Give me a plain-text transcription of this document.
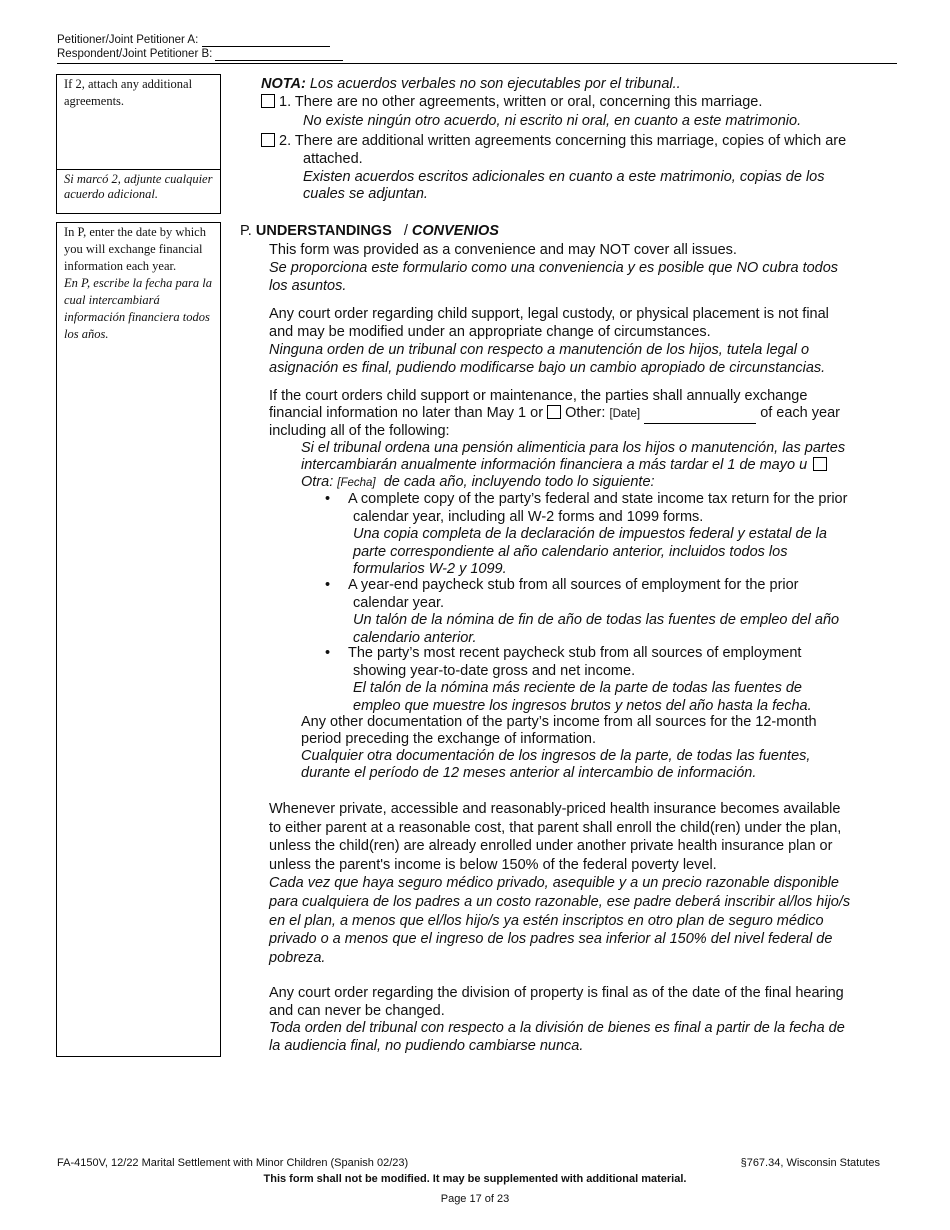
Petitioner/Joint Petitioner A:
Respondent/Joint Petitioner B:
If 2, attach any additional agreements.
Si marcó 2, adjunte cualquier acuerdo adicional.
In P, enter the date by which you will exchange financial information each year.
En P, escribe la fecha para la cual intercambiará información financiera todos los años.
NOTA: Los acuerdos verbales no son ejecutables por el tribunal..
1. There are no other agreements, written or oral, concerning this marriage.
No existe ningún otro acuerdo, ni escrito ni oral, en cuanto a este matrimonio.
2. There are additional written agreements concerning this marriage, copies of which are
attached.
Existen acuerdos escritos adicionales en cuanto a este matrimonio, copias de los
cuales se adjuntan.
P. UNDERSTANDINGS / CONVENIOS
This form was provided as a convenience and may NOT cover all issues.
Se proporciona este formulario como una conveniencia y es posible que NO cubra todos
los asuntos.
Any court order regarding child support, legal custody, or physical placement is not final
and may be modified under an appropriate change of circumstances.
Ninguna orden de un tribunal con respecto a manutención de los hijos, tutela legal o
asignación es final, pudiendo modificarse bajo un cambio apropiado de circunstancias.
If the court orders child support or maintenance, the parties shall annually exchange
financial information no later than May 1 or Other: [Date]	of each year
including all of the following:
Si el tribunal ordena una pensión alimenticia para los hijos o manutención, las partes
intercambiarán anualmente información financiera a más tardar el 1 de mayo u
Otra: [Fecha] de cada año, incluyendo todo lo siguiente:
•	A complete copy of the party’s federal and state income tax return for the prior
calendar year, including all W-2 forms and 1099 forms.
Una copia completa de la declaración de impuestos federal y estatal de la
parte correspondiente al año calendario anterior, incluidos todos los
formularios W-2 y 1099.
•	A year-end paycheck stub from all sources of employment for the prior
calendar year.
Un talón de la nómina de fin de año de todas las fuentes de empleo del año
calendario anterior.
•	The party’s most recent paycheck stub from all sources of employment
showing year-to-date gross and net income.
El talón de la nómina más reciente de la parte de todas las fuentes de
empleo que muestre los ingresos brutos y netos del año hasta la fecha.
Any other documentation of the party’s income from all sources for the 12-month
period preceding the exchange of information.
Cualquier otra documentación de los ingresos de la parte, de todas las fuentes,
durante el período de 12 meses anterior al intercambio de información.
Whenever private, accessible and reasonably-priced health insurance becomes available
to either parent at a reasonable cost, that parent shall enroll the child(ren) under the plan,
unless the child(ren) are already enrolled under another private health insurance plan or
unless the parent's income is below 150% of the federal poverty level.
Cada vez que haya seguro médico privado, asequible y a un precio razonable disponible
para cualquiera de los padres a un costo razonable, ese padre deberá inscribir al/los hijo/s
en el plan, a menos que el/los hijo/s ya estén inscriptos en otro plan de seguro médico
privado o a menos que el ingreso de los padres sea inferior al 150% del nivel federal de
pobreza.
Any court order regarding the division of property is final as of the date of the final hearing
and can never be changed.
Toda orden del tribunal con respecto a la división de bienes es final a partir de la fecha de
la audiencia final, no pudiendo cambiarse nunca.
FA-4150V, 12/22 Marital Settlement with Minor Children (Spanish 02/23)	§767.34, Wisconsin Statutes
This form shall not be modified. It may be supplemented with additional material.
Page 17 of 23
